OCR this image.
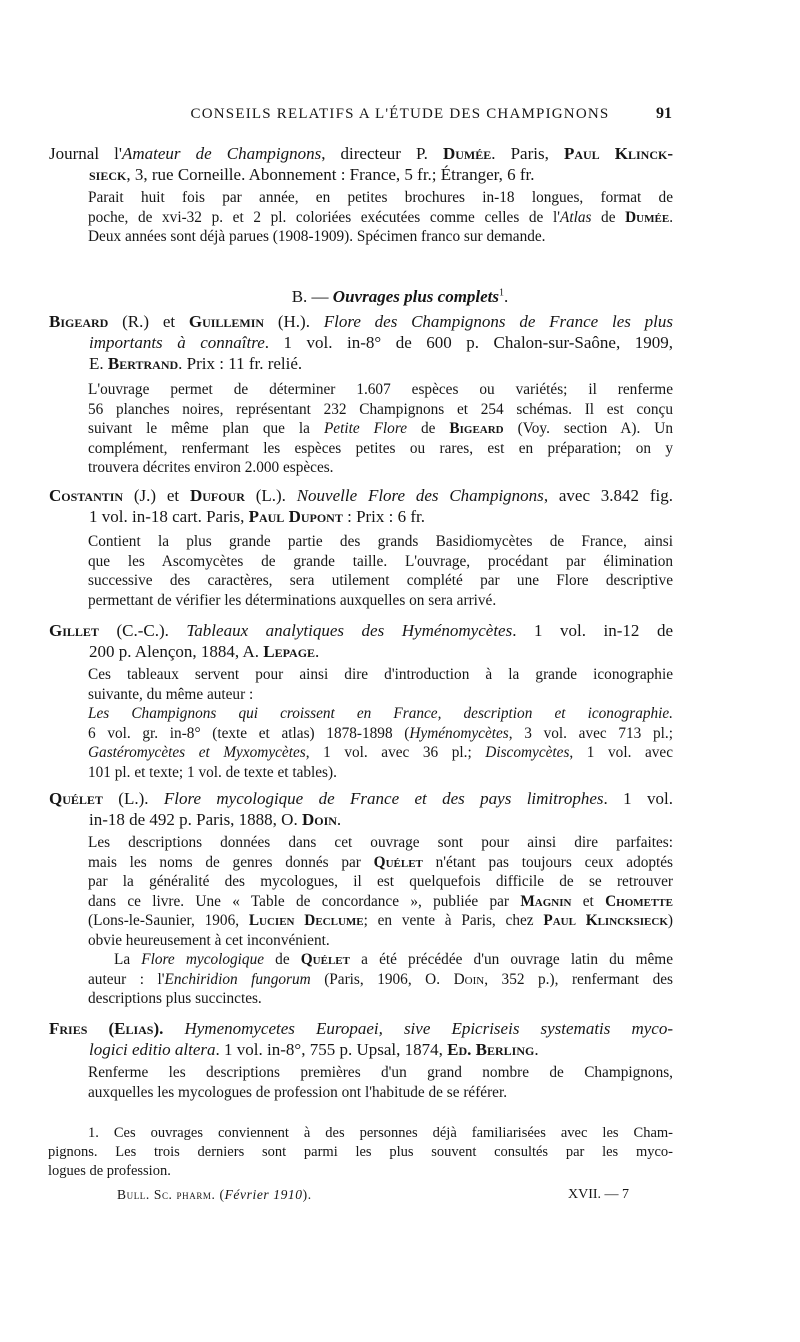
CONSEILS RELATIFS A L'ÉTUDE DES CHAMPIGNONS	91
Journal l'Amateur de Champignons, directeur P. Dumée. Paris, Paul Klinck-
sieck, 3, rue Corneille. Abonnement : France, 5 fr.; Étranger, 6 fr.
Parait huit fois par année, en petites brochures in-18 longues, format de
poche, de xvi-32 p. et 2 pl. coloriées exécutées comme celles de l'Atlas de Dumée.
Deux années sont déjà parues (1908-1909). Spécimen franco sur demande.
B. — Ouvrages plus complets$^1$.
Bigeard (R.) et Guillemin (H.). Flore des Champignons de France les plus
importants à connaître. 1 vol. in-8° de 600 p. Chalon-sur-Saône, 1909,
E. Bertrand. Prix : 11 fr. relié.
L'ouvrage permet de déterminer 1.607 espèces ou variétés; il renferme
56 planches noires, représentant 232 Champignons et 254 schémas. Il est conçu
suivant le même plan que la Petite Flore de Bigeard (Voy. section A). Un
complément, renfermant les espèces petites ou rares, est en préparation; on y
trouvera décrites environ 2.000 espèces.
Costantin (J.) et Dufour (L.). Nouvelle Flore des Champignons, avec 3.842 fig.
1 vol. in-18 cart. Paris, Paul Dupont : Prix : 6 fr.
Contient la plus grande partie des grands Basidiomycètes de France, ainsi
que les Ascomycètes de grande taille. L'ouvrage, procédant par élimination
successive des caractères, sera utilement complété par une Flore descriptive
permettant de vérifier les déterminations auxquelles on sera arrivé.
Gillet (C.-C.). Tableaux analytiques des Hyménomycètes. 1 vol. in-12 de
200 p. Alençon, 1884, A. Lepage.
Ces tableaux servent pour ainsi dire d'introduction à la grande iconographie
suivante, du même auteur :
Les Champignons qui croissent en France, description et iconographie.
6 vol. gr. in-8° (texte et atlas) 1878-1898 (Hyménomycètes, 3 vol. avec 713 pl.;
Gastéromycètes et Myxomycètes, 1 vol. avec 36 pl.; Discomycètes, 1 vol. avec
101 pl. et texte; 1 vol. de texte et tables).
Quélet (L.). Flore mycologique de France et des pays limitrophes. 1 vol.
in-18 de 492 p. Paris, 1888, O. Doin.
Les descriptions données dans cet ouvrage sont pour ainsi dire parfaites:
mais les noms de genres donnés par Quélet n'étant pas toujours ceux adoptés
par la généralité des mycologues, il est quelquefois difficile de se retrouver
dans ce livre. Une « Table de concordance », publiée par Magnin et Chomette
(Lons-le-Saunier, 1906, Lucien Declume; en vente à Paris, chez Paul Klincksieck)
obvie heureusement à cet inconvénient.
La Flore mycologique de Quélet a été précédée d'un ouvrage latin du même
auteur : l'Enchiridion fungorum (Paris, 1906, O. Doin, 352 p.), renfermant des
descriptions plus succinctes.
Fries (Elias). Hymenomycetes Europaei, sive Epicriseis systematis myco-
logici editio altera. 1 vol. in-8°, 755 p. Upsal, 1874, Ed. Berling.
Renferme les descriptions premières d'un grand nombre de Champignons,
auxquelles les mycologues de profession ont l'habitude de se référer.
1. Ces ouvrages conviennent à des personnes déjà familiarisées avec les Cham-
pignons. Les trois derniers sont parmi les plus souvent consultés par les myco-
logues de profession.
Bull. Sc. pharm. (Février 1910).	XVII. — 7
